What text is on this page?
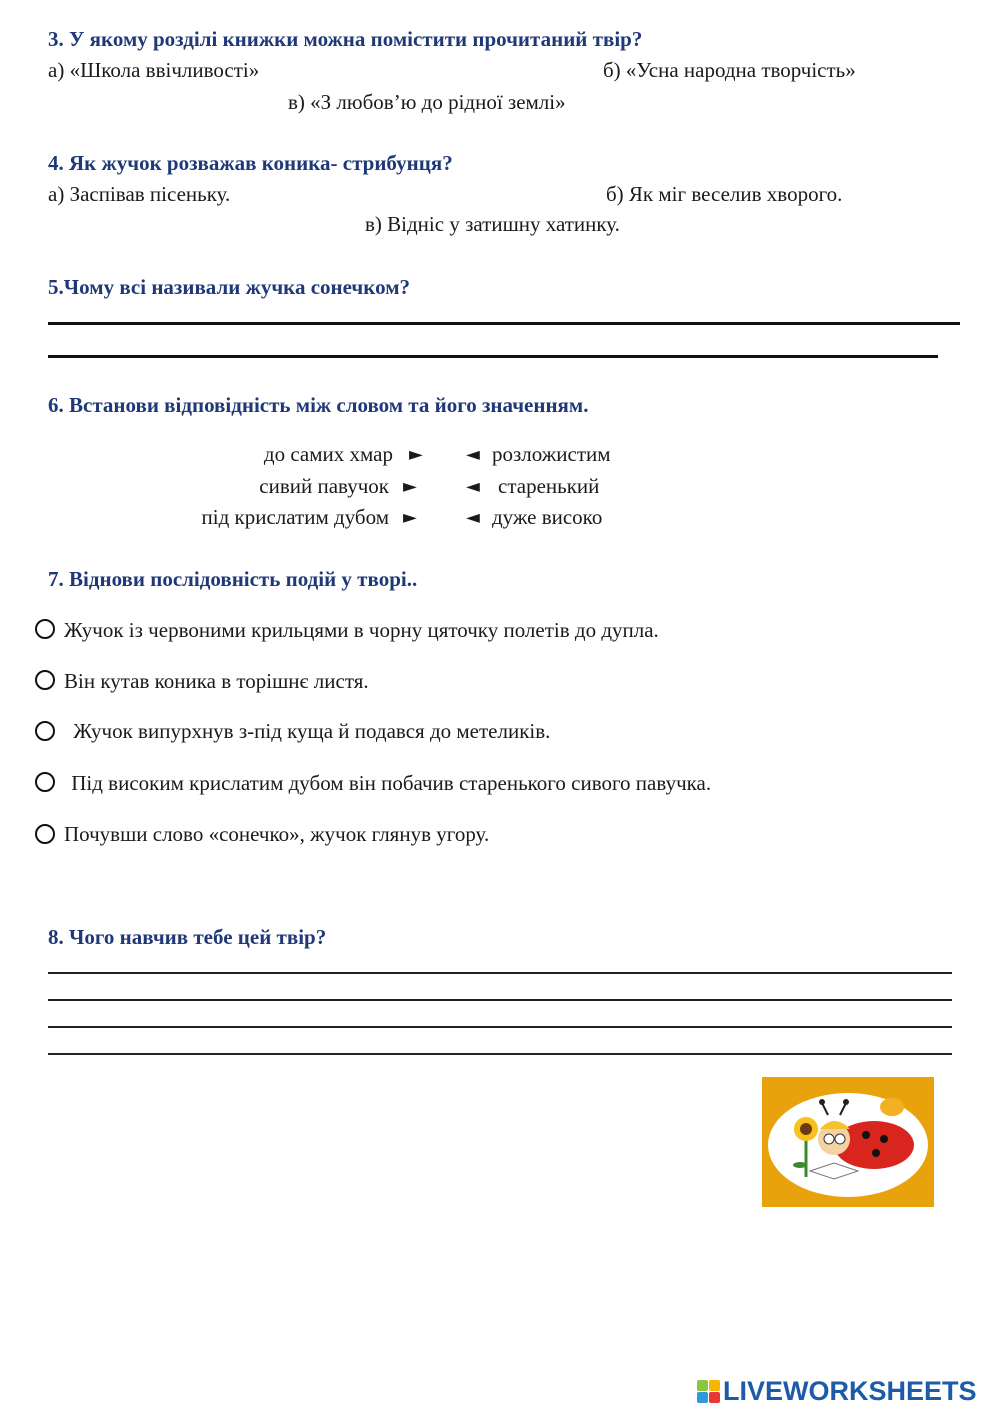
3. У якому розділі книжки можна помістити прочитаний твір?
а) «Школа ввічливості»	б) «Усна народна творчість»
в) «З любов’ю до рідної землі»
4. Як жучок розважав коника- стрибунця?
а) Заспівав пісеньку.	б) Як міг веселив хворого.
в) Відніс у затишну хатинку.
5.Чому всі називали жучка сонечком?
6. Встанови відповідність між словом та його значенням.
до самих хмар ► ◄ розложистим
сивий павучок ►	◄ старенький
під крислатим дубом ►	◄ дуже високо
7. Віднови послідовність подій у творі..
Жучок із червоними крильцями в чорну цяточку полетів до дупла.
Він кутав коника в торішнє листя.
Жучок випурхнув з-під куща й подався до метеликів.
Під високим крислатим дубом він побачив старенького сивого павучка.
Почувши слово «сонечко», жучок глянув угору.
8. Чого навчив тебе цей твір?
LIVEWORKSHEETS
